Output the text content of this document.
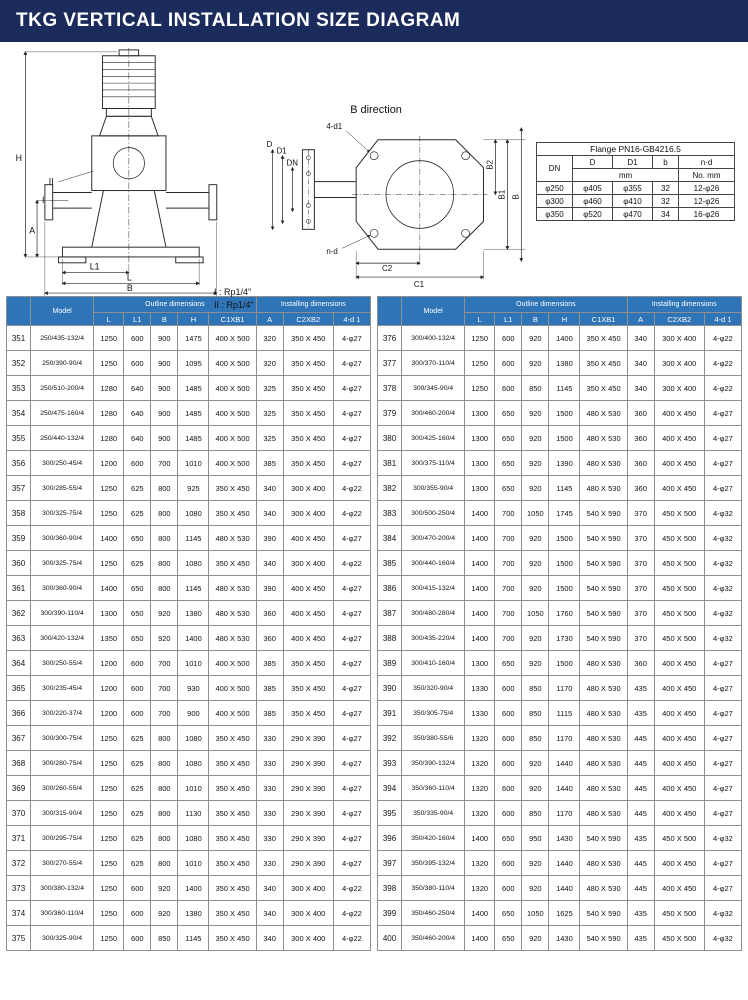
TKG VERTICAL INSTALLATION SIZE DIAGRAM
H
A
L1
L
B
II
I
B direction
4-d1
n-d
D
D1
DN	B2
B1 B
C2
C1
I : Rp1/4"
II : Rp1/4"
Flange PN16-GB4216.5				
DN	D	D1	b	n·d
	mm			No. mm
φ250	φ405	φ355	32	12-φ26
φ300	φ460	φ410	32	12-φ26
φ350	φ520	φ470	34	16-φ26
	Model	Outline dimensions					Installing dimensions		
		L	L1	B	H	C1XB1	A	C2XB2	4-d 1
351	250/435-132/4	1250	600	900	1475	400 X 500	320	350 X 450	4-φ27
352	250/390-90/4	1250	600	900	1095	400 X 500	320	350 X 450	4-φ27
353	250/510-200/4	1280	640	900	1485	400 X 500	325	350 X 450	4-φ27
354	250/475-160/4	1280	640	900	1485	400 X 500	325	350 X 450	4-φ27
355	250/440-132/4	1280	640	900	1485	400 X 500	325	350 X 450	4-φ27
356	300/250-45/4	1200	600	700	1010	400 X 500	385	350 X 450	4-φ27
357	300/285-55/4	1250	625	800	925	350 X 450	340	300 X 400	4-φ22
358	300/325-75/4	1250	625	800	1080	350 X 450	340	300 X 400	4-φ22
359	300/360-90/4	1400	650	800	1145	480 X 530	390	400 X 450	4-φ27
360	300/325-75/4	1250	625	800	1080	350 X 450	340	300 X 400	4-φ22
361	300/360-90/4	1400	650	800	1145	480 X 530	390	400 X 450	4-φ27
362	300/390-110/4	1300	650	920	1380	480 X 530	360	400 X 450	4-φ27
363	300/420-132/4	1350	650	920	1400	480 X 530	360	400 X 450	4-φ27
364	300/250-55/4	1200	600	700	1010	400 X 500	385	350 X 450	4-φ27
365	300/235-45/4	1200	600	700	930	400 X 500	385	350 X 450	4-φ27
366	300/220-37/4	1200	600	700	900	400 X 500	385	350 X 450	4-φ27
367	300/300-75/4	1250	625	800	1080	350 X 450	330	290 X 390	4-φ27
368	300/280-75/4	1250	625	800	1080	350 X 450	330	290 X 390	4-φ27
369	300/260-55/4	1250	625	800	1010	350 X 450	330	290 X 390	4-φ27
370	300/315-90/4	1250	625	800	1130	350 X 450	330	290 X 390	4-φ27
371	300/295-75/4	1250	625	800	1080	350 X 450	330	290 X 390	4-φ27
372	300/270-55/4	1250	625	800	1010	350 X 450	330	290 X 390	4-φ27
373	300/380-132/4	1250	600	920	1400	350 X 450	340	300 X 400	4-φ22
374	300/360-110/4	1250	600	920	1380	350 X 450	340	300 X 400	4-φ22
375	300/325-90/4	1250	600	850	1145	350 X 450	340	300 X 400	4-φ22
	Model	Outline dimensions					Installing dimensions		
		L	L1	B	H	C1XB1	A	C2XB2	4-d 1
376	300/400-132/4	1250	600	920	1400	350 X 450	340	300 X 400	4-φ22
377	300/370-110/4	1250	600	920	1380	350 X 450	340	300 X 400	4-φ22
378	300/345-90/4	1250	600	850	1145	350 X 450	340	300 X 400	4-φ22
379	300/460-200/4	1300	650	920	1500	480 X 530	360	400 X 450	4-φ27
380	300/425-160/4	1300	650	920	1500	480 X 530	360	400 X 450	4-φ27
381	300/375-110/4	1300	650	920	1390	480 X 530	360	400 X 450	4-φ27
382	300/355-90/4	1300	650	920	1145	480 X 530	360	400 X 450	4-φ27
383	300/500-250/4	1400	700	1050	1745	540 X 590	370	450 X 500	4-φ32
384	300/470-200/4	1400	700	920	1500	540 X 590	370	450 X 500	4-φ32
385	300/440-160/4	1400	700	920	1500	540 X 590	370	450 X 500	4-φ32
386	300/415-132/4	1400	700	920	1500	540 X 590	370	450 X 500	4-φ32
387	300/480-280/4	1400	700	1050	1760	540 X 590	370	450 X 500	4-φ32
388	300/435-220/4	1400	700	920	1730	540 X 590	370	450 X 500	4-φ32
389	300/410-160/4	1300	650	920	1500	480 X 530	360	400 X 450	4-φ27
390	350/320-90/4	1330	600	850	1170	480 X 530	435	400 X 450	4-φ27
391	350/305-75/4	1330	600	850	1115	480 X 530	435	400 X 450	4-φ27
392	350/380-55/6	1320	600	850	1170	480 X 530	445	400 X 450	4-φ27
393	350/390-132/4	1320	600	920	1440	480 X 530	445	400 X 450	4-φ27
394	350/360-110/4	1320	600	920	1440	480 X 530	445	400 X 450	4-φ27
395	350/335-90/4	1320	600	850	1170	480 X 530	445	400 X 450	4-φ27
396	350/420-160/4	1400	650	950	1430	540 X 590	435	450 X 500	4-φ32
397	350/395-132/4	1320	600	920	1440	480 X 530	445	400 X 450	4-φ27
398	350/380-110/4	1320	600	920	1440	480 X 530	445	400 X 450	4-φ27
399	350/460-250/4	1400	650	1050	1625	540 X 590	435	450 X 500	4-φ32
400	350/460-200/4	1400	650	920	1430	540 X 590	435	450 X 500	4-φ32
